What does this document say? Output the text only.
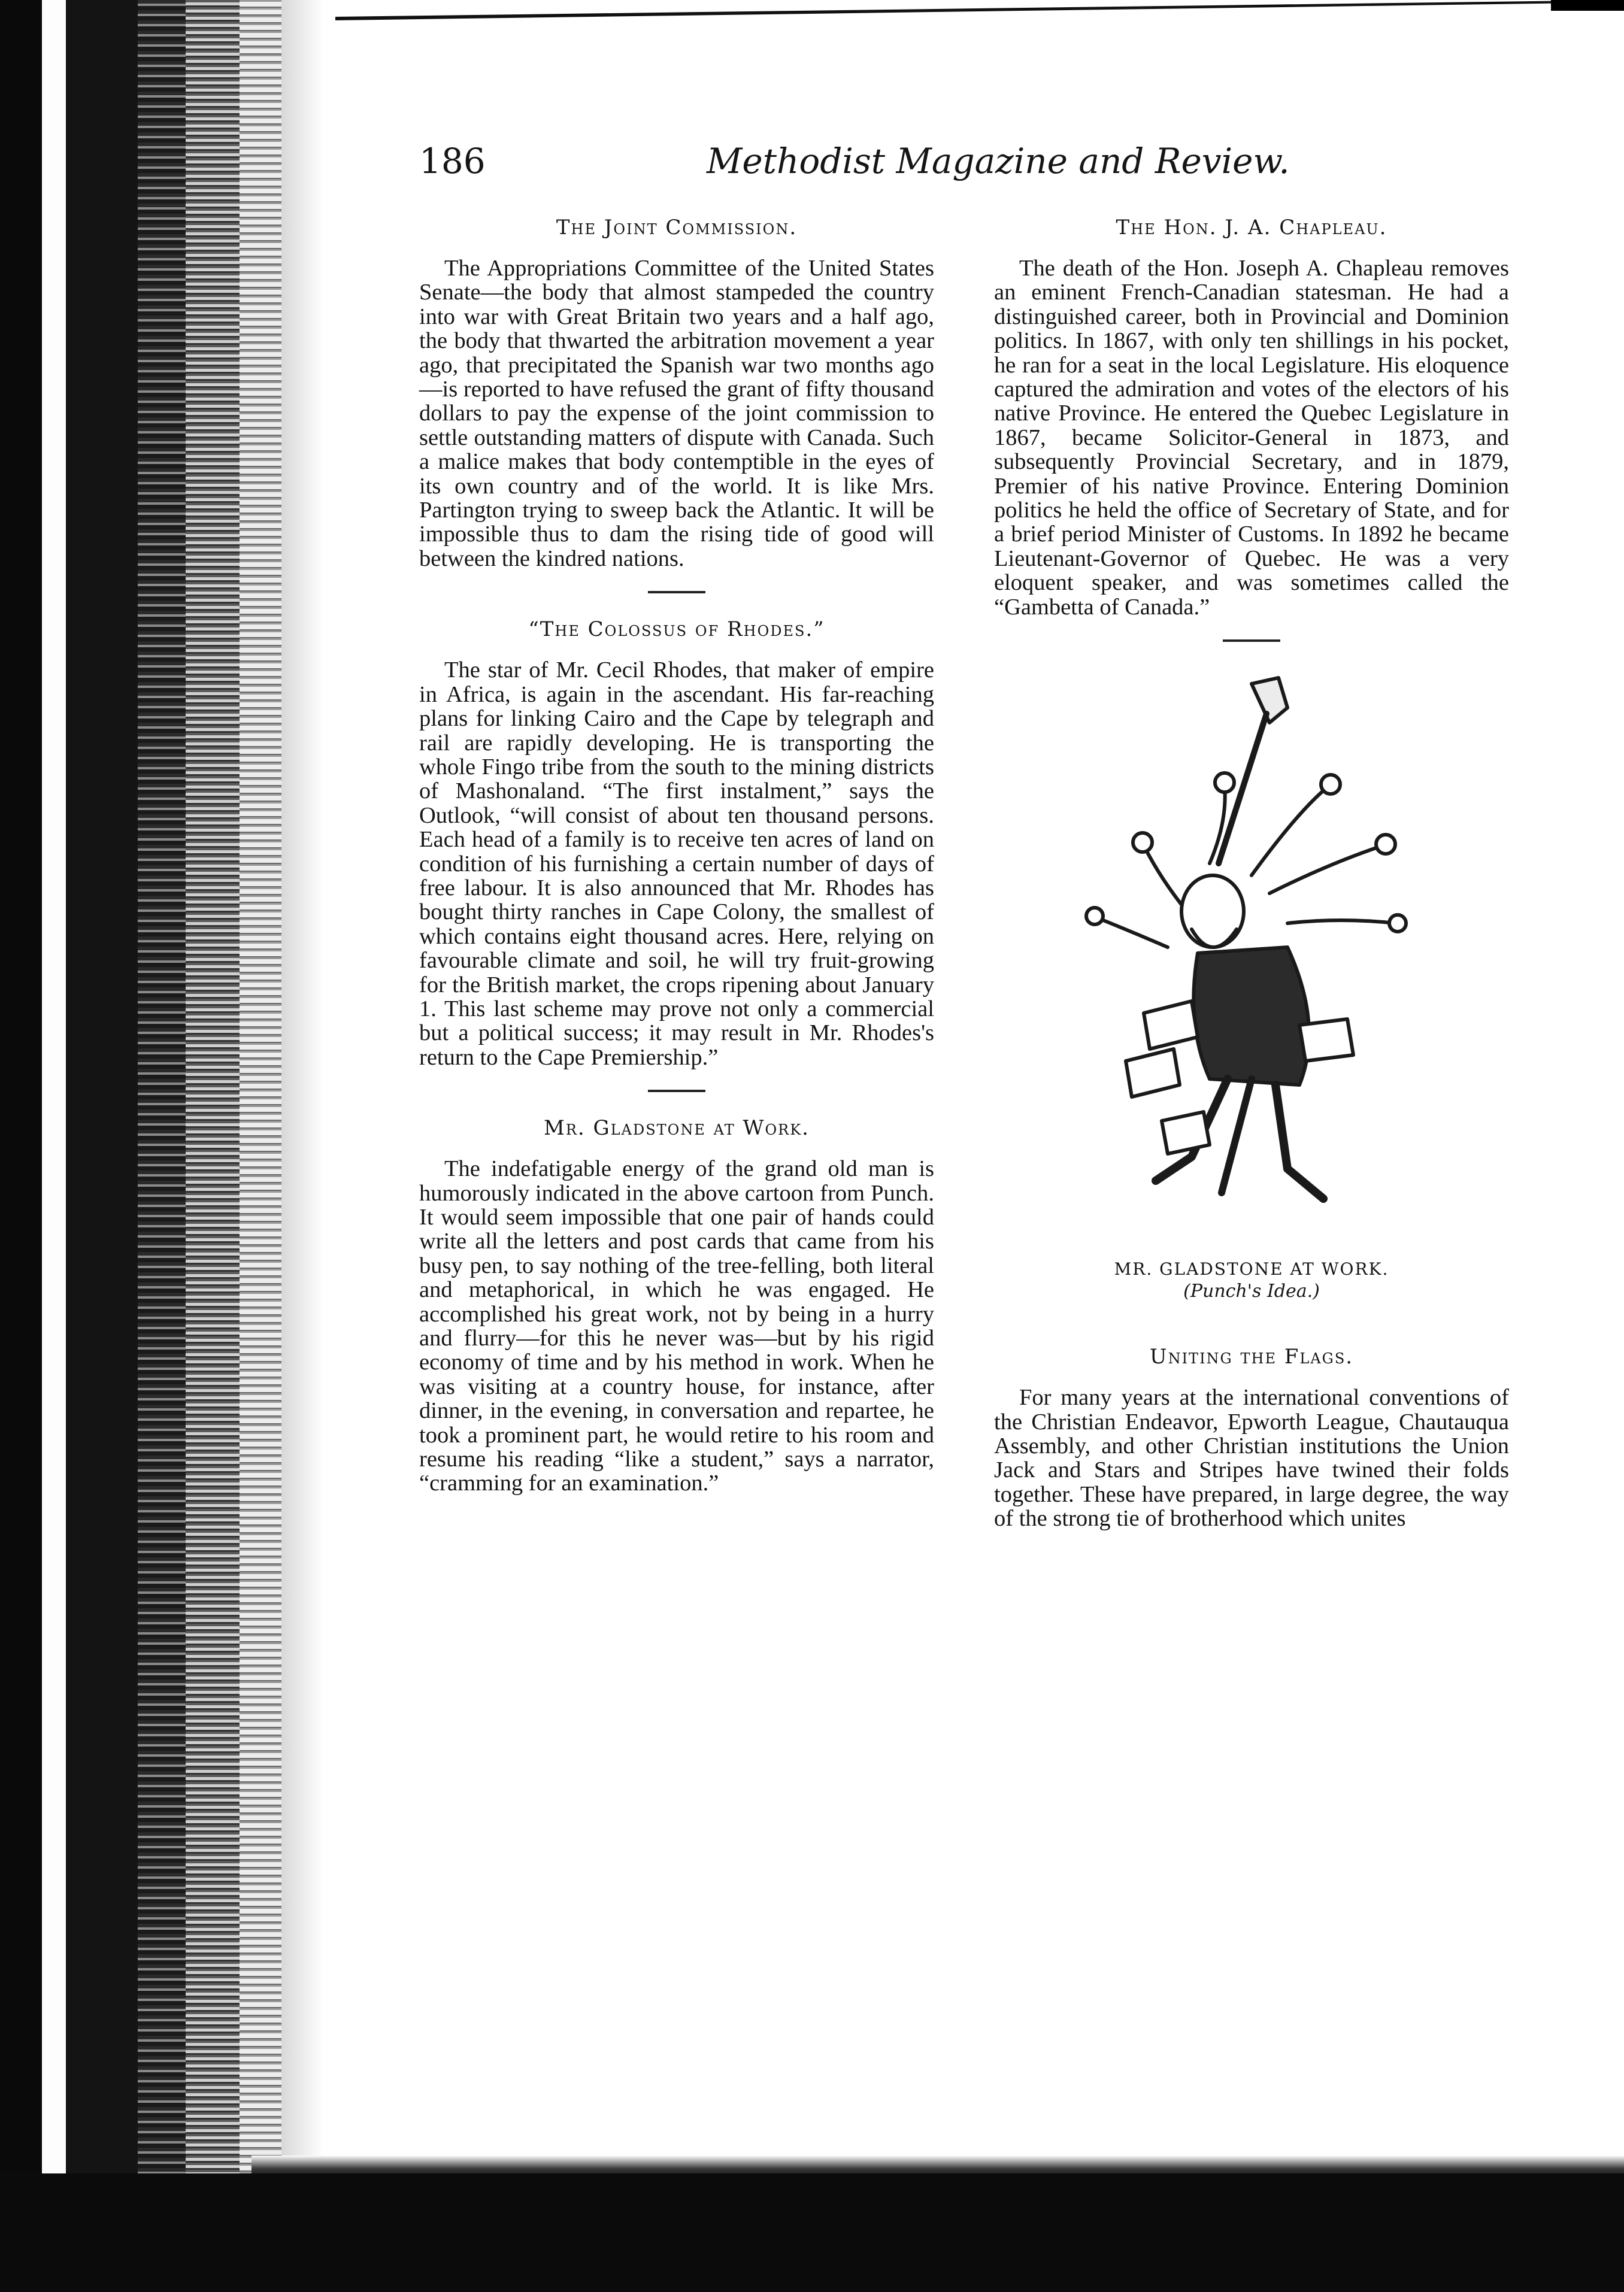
186	Methodist Magazine and Review.
The Joint Commission.

The Appropriations Committee of the United States Senate—the body that almost stampeded the country into war with Great Britain two years and a half ago, the body that thwarted the arbitration movement a year ago, that precipitated the Spanish war two months ago—is reported to have refused the grant of fifty thousand dollars to pay the expense of the joint commission to settle outstanding matters of dispute with Canada. Such a malice makes that body contemptible in the eyes of its own country and of the world. It is like Mrs. Partington trying to sweep back the Atlantic. It will be impossible thus to dam the rising tide of good will between the kindred nations.

“The Colossus of Rhodes.”

The star of Mr. Cecil Rhodes, that maker of empire in Africa, is again in the ascendant. His far-reaching plans for linking Cairo and the Cape by telegraph and rail are rapidly developing. He is transporting the whole Fingo tribe from the south to the mining districts of Mashonaland. “The first instalment,” says the Outlook, “will consist of about ten thousand persons. Each head of a family is to receive ten acres of land on condition of his furnishing a certain number of days of free labour. It is also announced that Mr. Rhodes has bought thirty ranches in Cape Colony, the smallest of which contains eight thousand acres. Here, relying on favourable climate and soil, he will try fruit-growing for the British market, the crops ripening about January 1. This last scheme may prove not only a commercial but a political success; it may result in Mr. Rhodes's return to the Cape Premiership.”

Mr. Gladstone at Work.

The indefatigable energy of the grand old man is humorously indicated in the above cartoon from Punch. It would seem impossible that one pair of hands could write all the letters and post cards that came from his busy pen, to say nothing of the tree-felling, both literal and metaphorical, in which he was engaged. He accomplished his great work, not by being in a hurry and flurry—for this he never was—but by his rigid economy of time and by his method in work. When he was visiting at a country house, for instance, after dinner, in the evening, in conversation and repartee, he took a prominent part, he would retire to his room and resume his reading “like a student,” says a narrator, “cramming for an examination.”

The Hon. J. A. Chapleau.

The death of the Hon. Joseph A. Chapleau removes an eminent French-Canadian statesman. He had a distinguished career, both in Provincial and Dominion politics. In 1867, with only ten shillings in his pocket, he ran for a seat in the local Legislature. His eloquence captured the admiration and votes of the electors of his native Province. He entered the Quebec Legislature in 1867, became Solicitor-General in 1873, and subsequently Provincial Secretary, and in 1879, Premier of his native Province. Entering Dominion politics he held the office of Secretary of State, and for a brief period Minister of Customs. In 1892 he became Lieutenant-Governor of Quebec. He was a very eloquent speaker, and was sometimes called the “Gambetta of Canada.”

MR. GLADSTONE AT WORK.
(Punch's Idea.)
Uniting the Flags.

For many years at the international conventions of the Christian Endeavor, Epworth League, Chautauqua Assembly, and other Christian institutions the Union Jack and Stars and Stripes have twined their folds together. These have prepared, in large degree, the way of the strong tie of brotherhood which unites
